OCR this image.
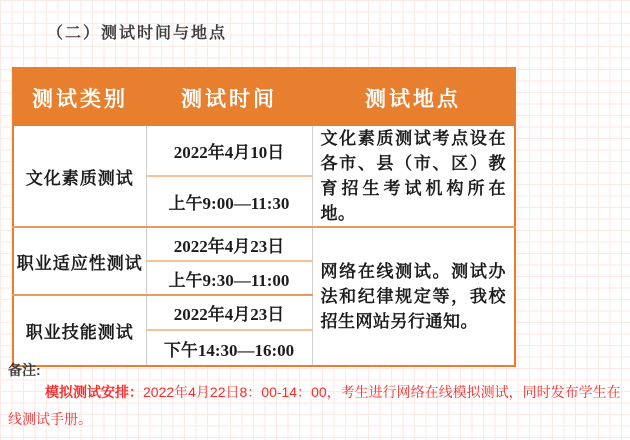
（二）测试时间与地点
测试类别	测试时间	测试地点
文化素质测试	2022年4月10日	文化素质测试考点设在各市、县（市、区）教育招生考试机构所在地。
	上午9:00—11:30	
职业适应性测试	2022年4月23日	网络在线测试。测试办法和纪律规定等，我校招生网站另行通知。
	上午9:30—11:00	
职业技能测试	2022年4月23日	
	下午14:30—16:00	
备注:

模拟测试安排：2022年4月22日8：00-14：00，考生进行网络在线模拟测试，同时发布学生在线测试手册。
